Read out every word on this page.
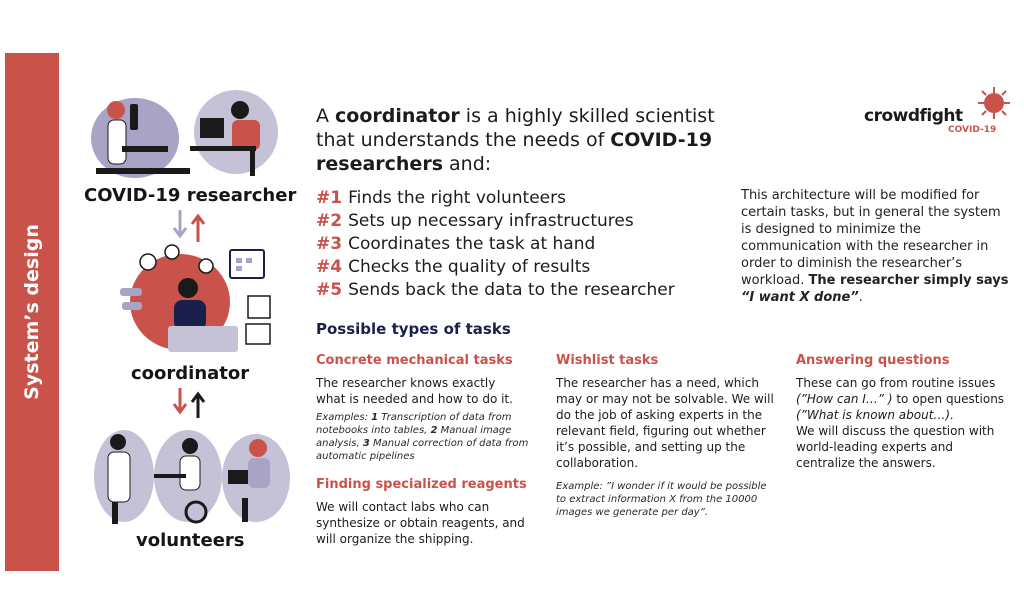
System’s design
COVID-19 researcher
coordinator
volunteers
crowdfight
COVID-19
A coordinator is a highly skilled scientist that understands the needs of COVID-19 researchers and:
#1 Finds the right volunteers
#2 Sets up necessary infrastructures
#3 Coordinates the task at hand
#4 Checks the quality of results
#5 Sends back the data to the researcher
This architecture will be modified for certain tasks, but in general the system is designed to minimize the communication with the researcher in order to diminish the researcher’s workload. The researcher simply says
“I want X done”.
Possible types of tasks
Concrete mechanical tasks
The researcher knows exactly what is needed and how to do it.
Examples: 1 Transcription of data from notebooks into tables, 2 Manual image analysis, 3 Manual correction of data from automatic pipelines
Finding specialized reagents
We will contact labs who can synthesize or obtain reagents, and will organize the shipping.
Wishlist tasks
The researcher has a need, which may or may not be solvable. We will do the job of asking experts in the relevant field, figuring out whether it’s possible, and setting up the collaboration.
Example: ”I wonder if it would be possible to extract information X from the 10000 images we generate per day”.
Answering questions
These can go from routine issues (”How can I…” ) to open questions (”What is known about…).
We will discuss the question with world-leading experts and centralize the answers.
